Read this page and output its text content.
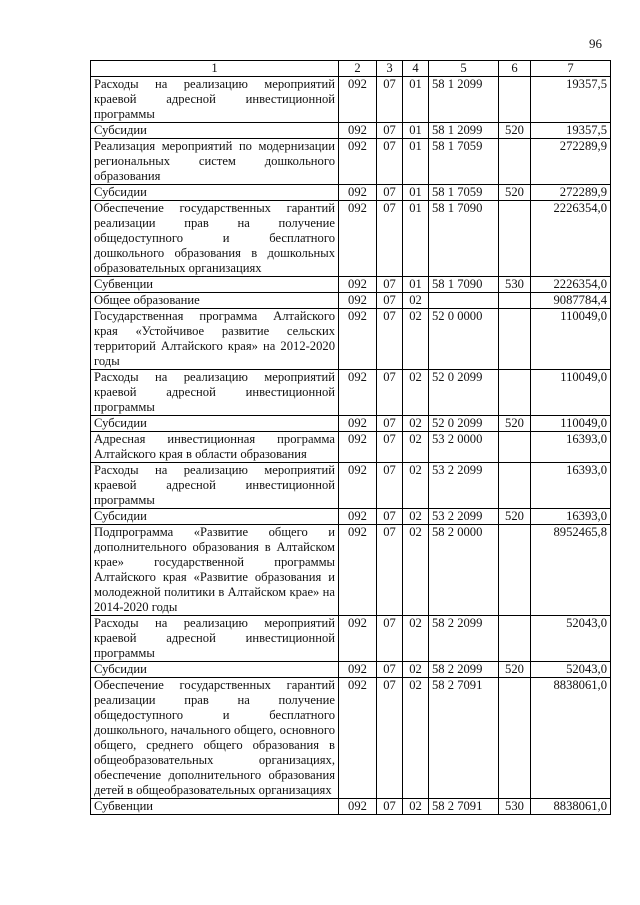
96
1	2	3	4	5	6	7
Расходы на реализацию мероприятий краевой адресной инвестиционной программы	092	07	01	58 1 2099		19357,5
Субсидии	092	07	01	58 1 2099	520	19357,5
Реализация мероприятий по модернизации региональных систем дошкольного образования	092	07	01	58 1 7059		272289,9
Субсидии	092	07	01	58 1 7059	520	272289,9
Обеспечение государственных гарантий реализации прав на получение общедоступного и бесплатного дошкольного образования в дошкольных образовательных организациях	092	07	01	58 1 7090		2226354,0
Субвенции	092	07	01	58 1 7090	530	2226354,0
Общее образование	092	07	02			9087784,4
Государственная программа Алтайского края «Устойчивое развитие сельских территорий Алтайского края» на 2012-2020 годы	092	07	02	52 0 0000		110049,0
Расходы на реализацию мероприятий краевой адресной инвестиционной программы	092	07	02	52 0 2099		110049,0
Субсидии	092	07	02	52 0 2099	520	110049,0
Адресная инвестиционная программа Алтайского края в области образования	092	07	02	53 2 0000		16393,0
Расходы на реализацию мероприятий краевой адресной инвестиционной программы	092	07	02	53 2 2099		16393,0
Субсидии	092	07	02	53 2 2099	520	16393,0
Подпрограмма «Развитие общего и дополнительного образования в Алтайском крае» государственной программы Алтайского края «Развитие образования и молодежной политики в Алтайском крае» на 2014-2020 годы	092	07	02	58 2 0000		8952465,8
Расходы на реализацию мероприятий краевой адресной инвестиционной программы	092	07	02	58 2 2099		52043,0
Субсидии	092	07	02	58 2 2099	520	52043,0
Обеспечение государственных гарантий реализации прав на получение общедоступного и бесплатного дошкольного, начального общего, основного общего, среднего общего образования в общеобразовательных организациях, обеспечение дополнительного образования детей в общеобразовательных организациях	092	07	02	58 2 7091		8838061,0
Субвенции	092	07	02	58 2 7091	530	8838061,0
